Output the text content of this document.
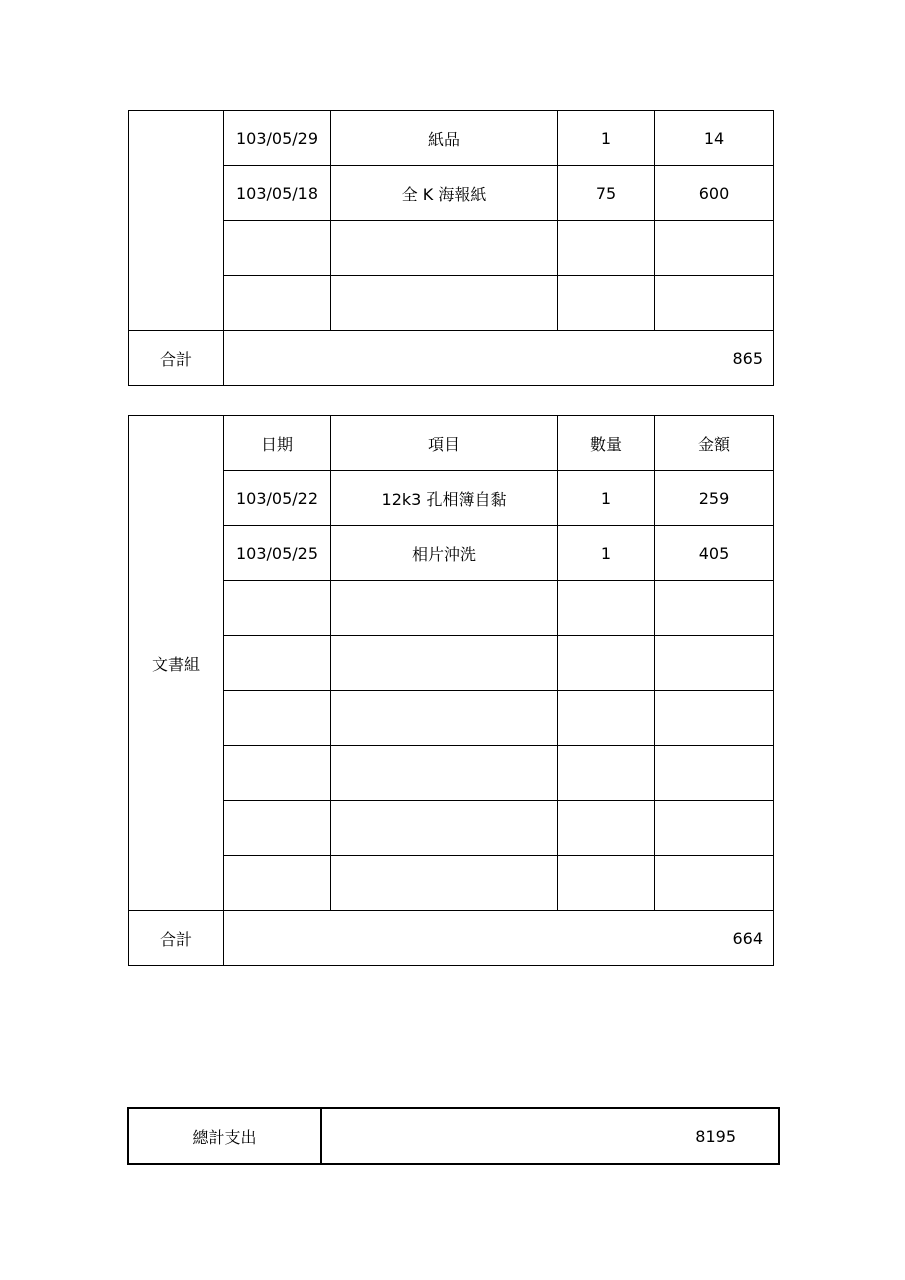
	103/05/29	紙品	1	14
	103/05/18	全 K 海報紙	75	600

合計	865			
文書組	日期	項目	數量	金額
	103/05/22	12k3 孔相簿自黏	1	259
	103/05/25	相片沖洗	1	405

合計	664			
總計支出	8195
